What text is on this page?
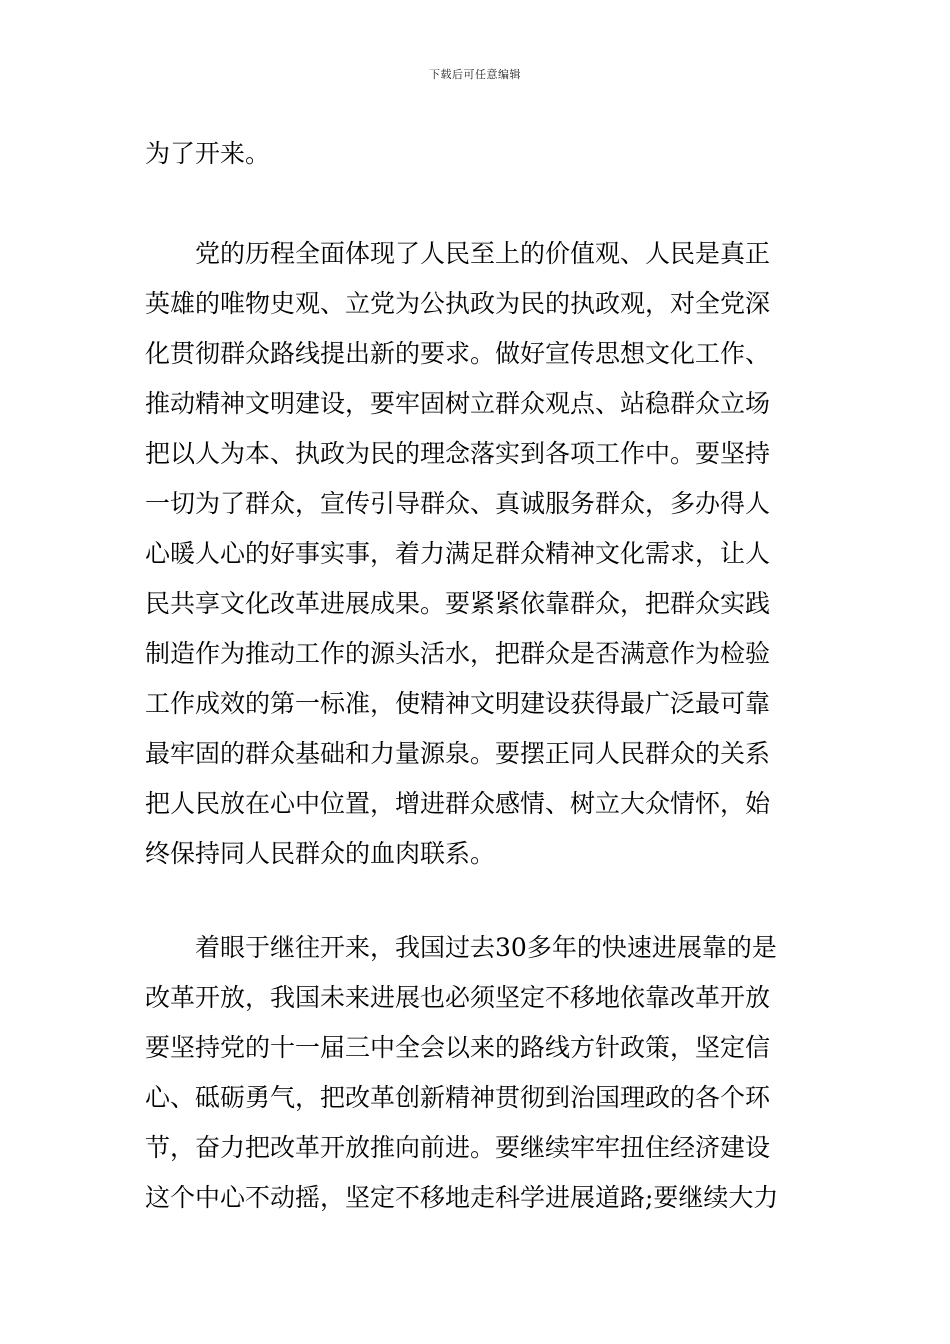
下载后可任意编辑
为了开来。
　　党的历程全面体现了人民至上的价值观、人民是真正
英雄的唯物史观、立党为公执政为民的执政观，对全党深
化贯彻群众路线提出新的要求。做好宣传思想文化工作、
推动精神文明建设，要牢固树立群众观点、站稳群众立场
把以人为本、执政为民的理念落实到各项工作中。要坚持
一切为了群众，宣传引导群众、真诚服务群众，多办得人
心暖人心的好事实事，着力满足群众精神文化需求，让人
民共享文化改革进展成果。要紧紧依靠群众，把群众实践
制造作为推动工作的源头活水，把群众是否满意作为检验
工作成效的第一标准，使精神文明建设获得最广泛最可靠
最牢固的群众基础和力量源泉。要摆正同人民群众的关系
把人民放在心中位置，增进群众感情、树立大众情怀，始
终保持同人民群众的血肉联系。
　　着眼于继往开来，我国过去30多年的快速进展靠的是
改革开放，我国未来进展也必须坚定不移地依靠改革开放
要坚持党的十一届三中全会以来的路线方针政策，坚定信
心、砥砺勇气，把改革创新精神贯彻到治国理政的各个环
节，奋力把改革开放推向前进。要继续牢牢扭住经济建设
这个中心不动摇，坚定不移地走科学进展道路;要继续大力
